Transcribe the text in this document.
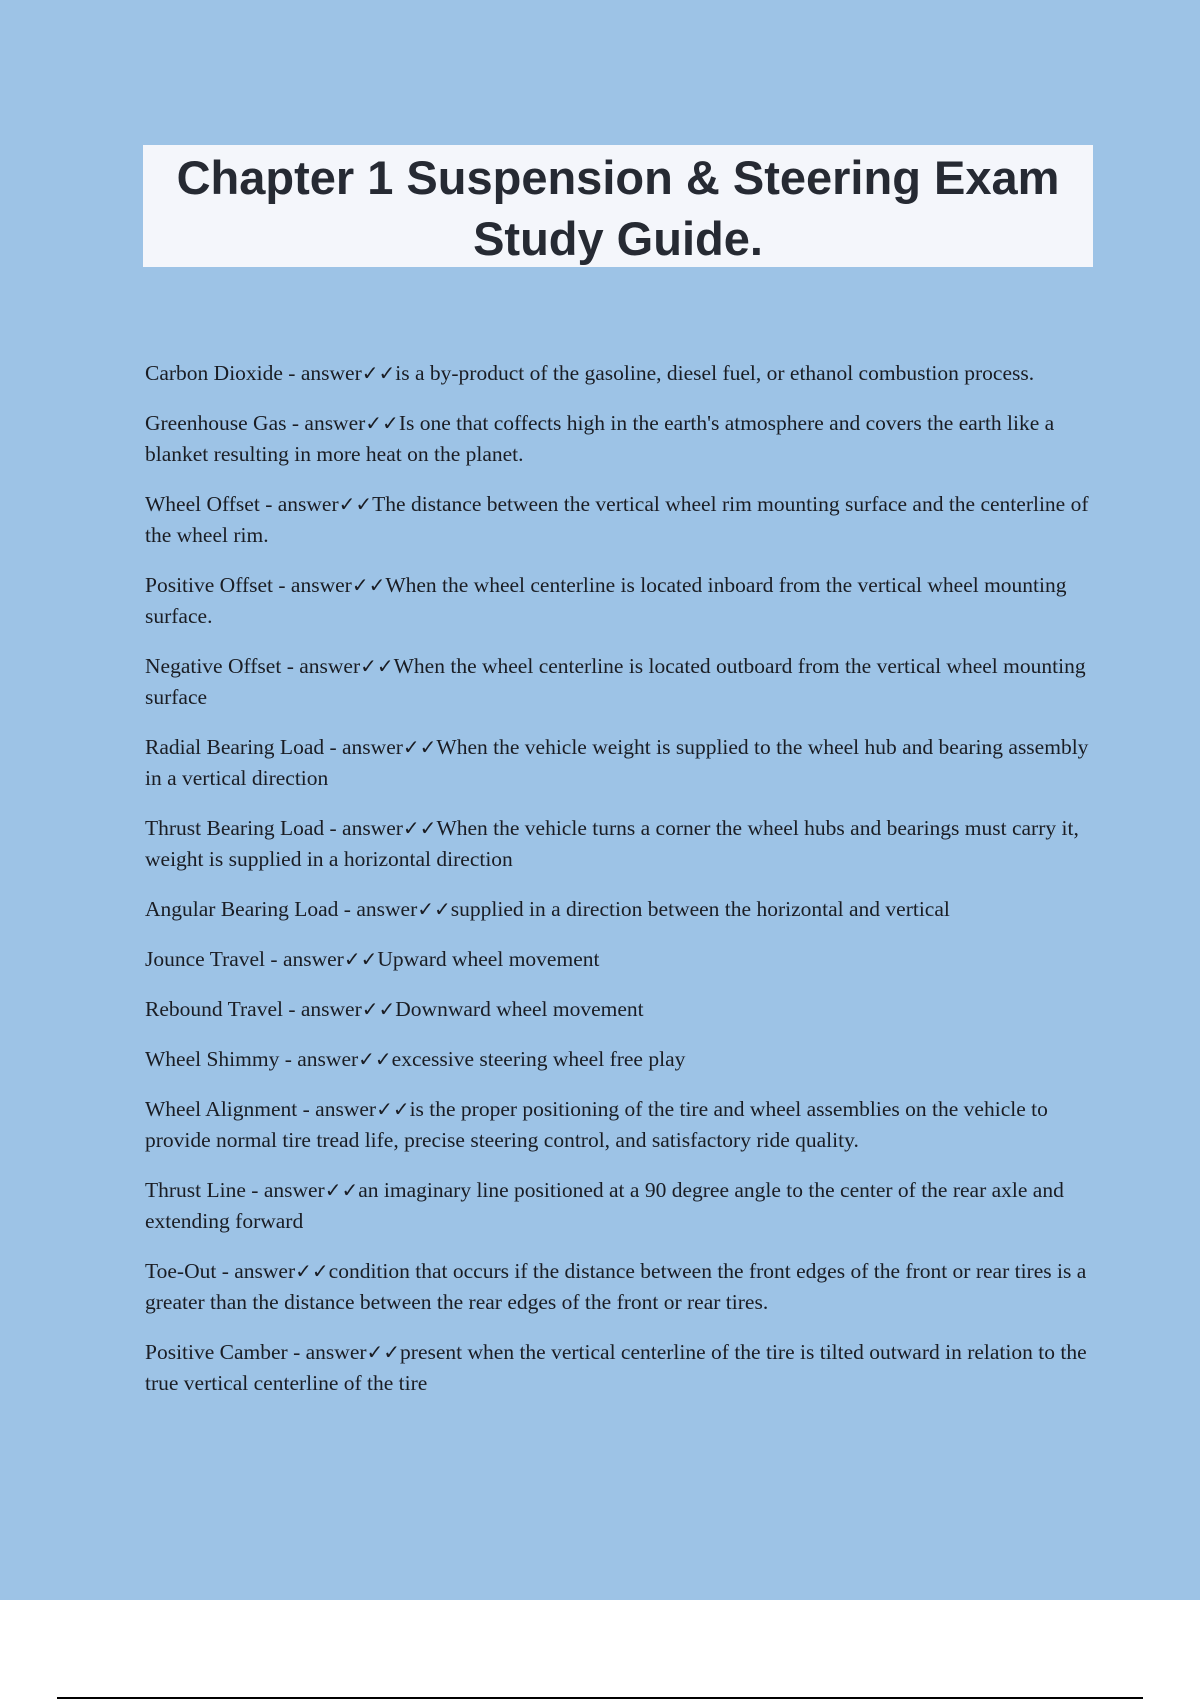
Chapter 1 Suspension & Steering Exam
Study Guide.

Carbon Dioxide - answer✓✓is a by-product of the gasoline, diesel fuel, or ethanol combustion process.

Greenhouse Gas - answer✓✓Is one that coffects high in the earth's atmosphere and covers the earth like a blanket resulting in more heat on the planet.

Wheel Offset - answer✓✓The distance between the vertical wheel rim mounting surface and the centerline of the wheel rim.

Positive Offset - answer✓✓When the wheel centerline is located inboard from the vertical wheel mounting surface.

Negative Offset - answer✓✓When the wheel centerline is located outboard from the vertical wheel mounting surface

Radial Bearing Load - answer✓✓When the vehicle weight is supplied to the wheel hub and bearing assembly in a vertical direction

Thrust Bearing Load - answer✓✓When the vehicle turns a corner the wheel hubs and bearings must carry it, weight is supplied in a horizontal direction

Angular Bearing Load - answer✓✓supplied in a direction between the horizontal and vertical

Jounce Travel - answer✓✓Upward wheel movement

Rebound Travel - answer✓✓Downward wheel movement

Wheel Shimmy - answer✓✓excessive steering wheel free play

Wheel Alignment - answer✓✓is the proper positioning of the tire and wheel assemblies on the vehicle to provide normal tire tread life, precise steering control, and satisfactory ride quality.

Thrust Line - answer✓✓an imaginary line positioned at a 90 degree angle to the center of the rear axle and extending forward

Toe-Out - answer✓✓condition that occurs if the distance between the front edges of the front or rear tires is a greater than the distance between the rear edges of the front or rear tires.

Positive Camber - answer✓✓present when the vertical centerline of the tire is tilted outward in relation to the true vertical centerline of the tire
